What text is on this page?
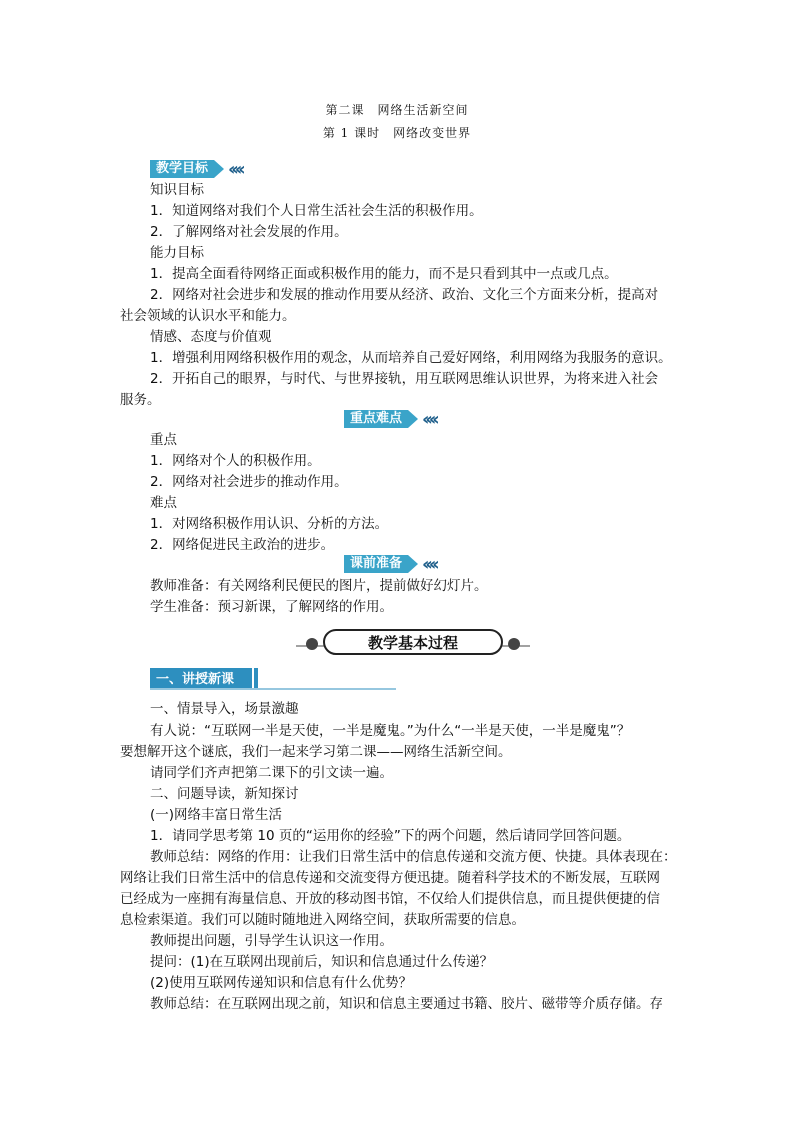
第二课　网络生活新空间
第 1 课时　网络改变世界
教学目标	‹‹‹‹
知识目标
1．知道网络对我们个人日常生活社会生活的积极作用。
2．了解网络对社会发展的作用。
能力目标
1．提高全面看待网络正面或积极作用的能力，而不是只看到其中一点或几点。
2．网络对社会进步和发展的推动作用要从经济、政治、文化三个方面来分析，提高对
社会领域的认识水平和能力。
情感、态度与价值观
1．增强利用网络积极作用的观念，从而培养自己爱好网络，利用网络为我服务的意识。
2．开拓自己的眼界，与时代、与世界接轨，用互联网思维认识世界，为将来进入社会
服务。
重点难点	‹‹‹‹
重点
1．网络对个人的积极作用。
2．网络对社会进步的推动作用。
难点
1．对网络积极作用认识、分析的方法。
2．网络促进民主政治的进步。
课前准备	‹‹‹‹
教师准备：有关网络利民便民的图片，提前做好幻灯片。
学生准备：预习新课，了解网络的作用。
教学基本过程
一、讲授新课
一、情景导入，场景激趣
有人说：“互联网一半是天使，一半是魔鬼。”为什么“一半是天使，一半是魔鬼”？
要想解开这个谜底，我们一起来学习第二课——网络生活新空间。
请同学们齐声把第二课下的引文读一遍。
二、问题导读，新知探讨
(一)网络丰富日常生活
1．请同学思考第 10 页的“运用你的经验”下的两个问题，然后请同学回答问题。
教师总结：网络的作用：让我们日常生活中的信息传递和交流方便、快捷。具体表现在：
网络让我们日常生活中的信息传递和交流变得方便迅捷。随着科学技术的不断发展，互联网
已经成为一座拥有海量信息、开放的移动图书馆，不仅给人们提供信息，而且提供便捷的信
息检索渠道。我们可以随时随地进入网络空间，获取所需要的信息。
教师提出问题，引导学生认识这一作用。
提问：(1)在互联网出现前后，知识和信息通过什么传递？
(2)使用互联网传递知识和信息有什么优势？
教师总结：在互联网出现之前，知识和信息主要通过书籍、胶片、磁带等介质存储。存
